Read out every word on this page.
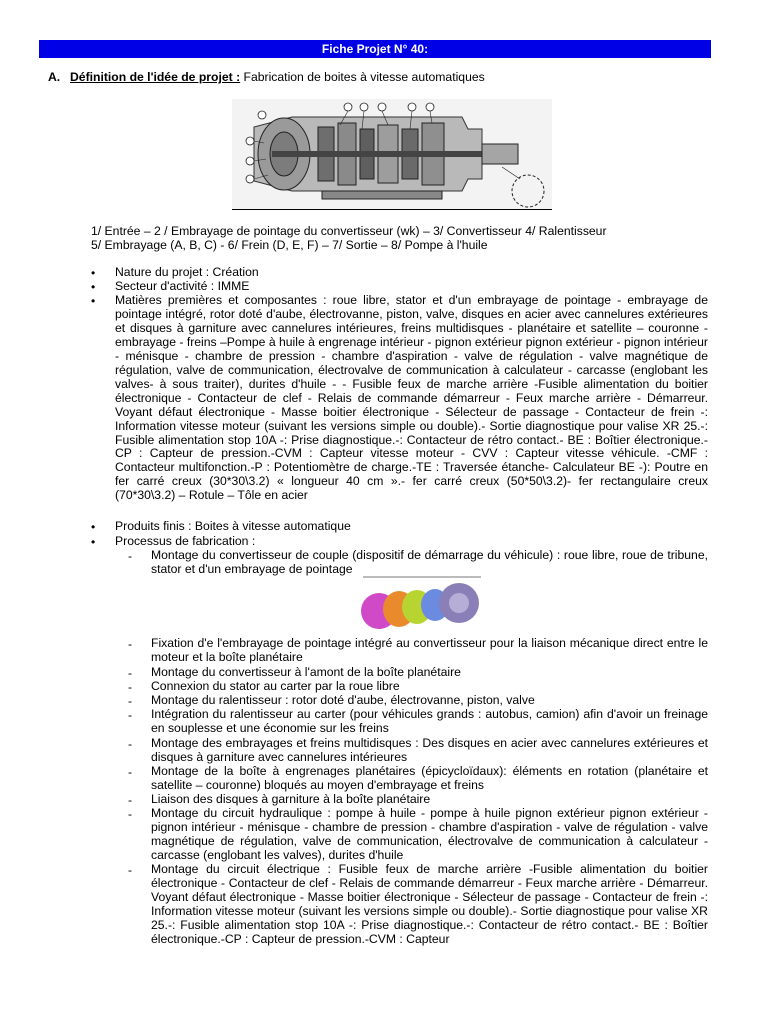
Fiche Projet N° 40:
A. Définition de l'idée de projet : Fabrication de boites à vitesse automatiques
1/ Entrée – 2 / Embrayage de pointage du convertisseur (wk) – 3/ Convertisseur 4/ Ralentisseur
5/ Embrayage (A, B, C) - 6/ Frein (D, E, F) – 7/ Sortie – 8/ Pompe à l'huile
• Nature du projet : Création
• Secteur d'activité : IMME
• Matières premières et composantes : roue libre, stator et d'un embrayage de pointage - embrayage de pointage intégré, rotor doté d'aube, électrovanne, piston, valve, disques en acier avec cannelures extérieures et disques à garniture avec cannelures intérieures, freins multidisques - planétaire et satellite – couronne -embrayage - freins –Pompe à huile à engrenage intérieur - pignon extérieur pignon extérieur - pignon intérieur - ménisque - chambre de pression - chambre d'aspiration - valve de régulation - valve magnétique de régulation, valve de communication, électrovalve de communication à calculateur - carcasse (englobant les valves- à sous traiter), durites d'huile - - Fusible feux de marche arrière -Fusible alimentation du boitier électronique - Contacteur de clef - Relais de commande démarreur - Feux marche arrière - Démarreur. Voyant défaut électronique - Masse boitier électronique - Sélecteur de passage - Contacteur de frein -: Information vitesse moteur (suivant les versions simple ou double).- Sortie diagnostique pour valise XR 25.-: Fusible alimentation stop 10A -: Prise diagnostique.-: Contacteur de rétro contact.- BE : Boîtier électronique.-CP : Capteur de pression.-CVM : Capteur vitesse moteur - CVV : Capteur vitesse véhicule. -CMF : Contacteur multifonction.-P : Potentiomètre de charge.-TE : Traversée étanche- Calculateur BE -): Poutre en fer carré creux (30*30\3.2) « longueur 40 cm ».- fer carré creux (50*50\3.2)- fer rectangulaire creux (70*30\3.2) – Rotule – Tôle en acier
• Produits finis : Boites à vitesse automatique
• Processus de fabrication :
- Montage du convertisseur de couple (dispositif de démarrage du véhicule) : roue libre, roue de tribune, stator et d'un embrayage de pointage
- Fixation d'e l'embrayage de pointage intégré au convertisseur pour la liaison mécanique direct entre le moteur et la boîte planétaire
- Montage du convertisseur à l'amont de la boîte planétaire
- Connexion du stator au carter par la roue libre
- Montage du ralentisseur : rotor doté d'aube, électrovanne, piston, valve
- Intégration du ralentisseur au carter (pour véhicules grands : autobus, camion) afin d'avoir un freinage en souplesse et une économie sur les freins
- Montage des embrayages et freins multidisques : Des disques en acier avec cannelures extérieures et disques à garniture avec cannelures intérieures
- Montage de la boîte à engrenages planétaires (épicycloïdaux): éléments en rotation (planétaire et satellite – couronne) bloqués au moyen d'embrayage et freins
- Liaison des disques à garniture à la boîte planétaire
- Montage du circuit hydraulique : pompe à huile - pompe à huile pignon extérieur pignon extérieur - pignon intérieur - ménisque - chambre de pression - chambre d'aspiration - valve de régulation - valve magnétique de régulation, valve de communication, électrovalve de communication à calculateur - carcasse (englobant les valves), durites d'huile
- Montage du circuit électrique : Fusible feux de marche arrière -Fusible alimentation du boitier électronique - Contacteur de clef - Relais de commande démarreur - Feux marche arrière - Démarreur. Voyant défaut électronique - Masse boitier électronique - Sélecteur de passage - Contacteur de frein -: Information vitesse moteur (suivant les versions simple ou double).- Sortie diagnostique pour valise XR 25.-: Fusible alimentation stop 10A -: Prise diagnostique.-: Contacteur de rétro contact.- BE : Boîtier électronique.-CP : Capteur de pression.-CVM : Capteur
